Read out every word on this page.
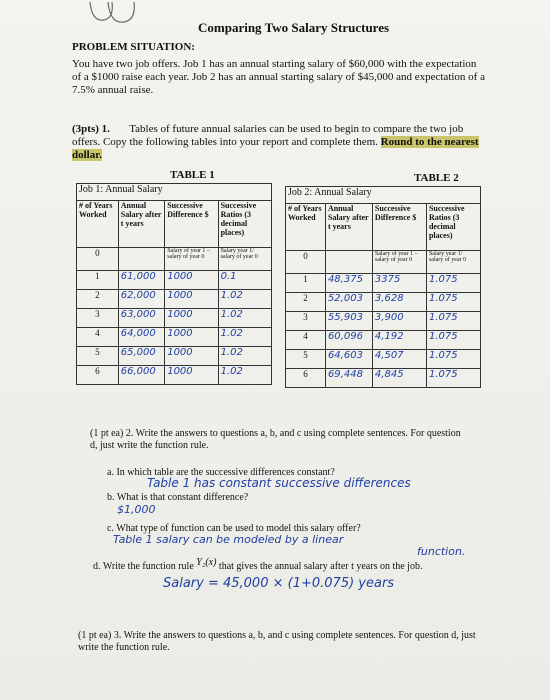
Comparing Two Salary Structures
PROBLEM SITUATION:
You have two job offers. Job 1 has an annual starting salary of $60,000 with the expectation of a $1000 raise each year. Job 2 has an annual starting salary of $45,000 and expectation of a 7.5% annual raise.
(3pts) 1. Tables of future annual salaries can be used to begin to compare the two job offers. Copy the following tables into your report and complete them. Round to the nearest dollar.
TABLE 1	TABLE 2
Job 1: Annual Salary			
# of Years Worked	Annual Salary after t years	Successive Difference $	Successive Ratios (3 decimal places)
0		Salary of year 1 – salary of year 0	Salary year 1/ salary of year 0
1	61,000	1000	0.1
2	62,000	1000	1.02
3	63,000	1000	1.02
4	64,000	1000	1.02
5	65,000	1000	1.02
6	66,000	1000	1.02
Job 2: Annual Salary			
# of Years Worked	Annual Salary after t years	Successive Difference $	Successive Ratios (3 decimal places)
0		Salary of year 1 – salary of year 0	Salary year 1/ salary of year 0
1	48,375	3375	1.075
2	52,003	3,628	1.075
3	55,903	3,900	1.075
4	60,096	4,192	1.075
5	64,603	4,507	1.075
6	69,448	4,845	1.075
(1 pt ea) 2. Write the answers to questions a, b, and c using complete sentences. For question d, just write the function rule.
a. In which table are the successive differences constant?
Table 1 has constant successive differences
b. What is that constant difference?
$1,000
c. What type of function can be used to model this salary offer?
Table 1 salary can be modeled by a linear
function.
d. Write the function rule Y₂(x) that gives the annual salary after t years on the job.
Salary = 45,000 × (1+0.075) years
(1 pt ea) 3. Write the answers to questions a, b, and c using complete sentences. For question d, just write the function rule.
